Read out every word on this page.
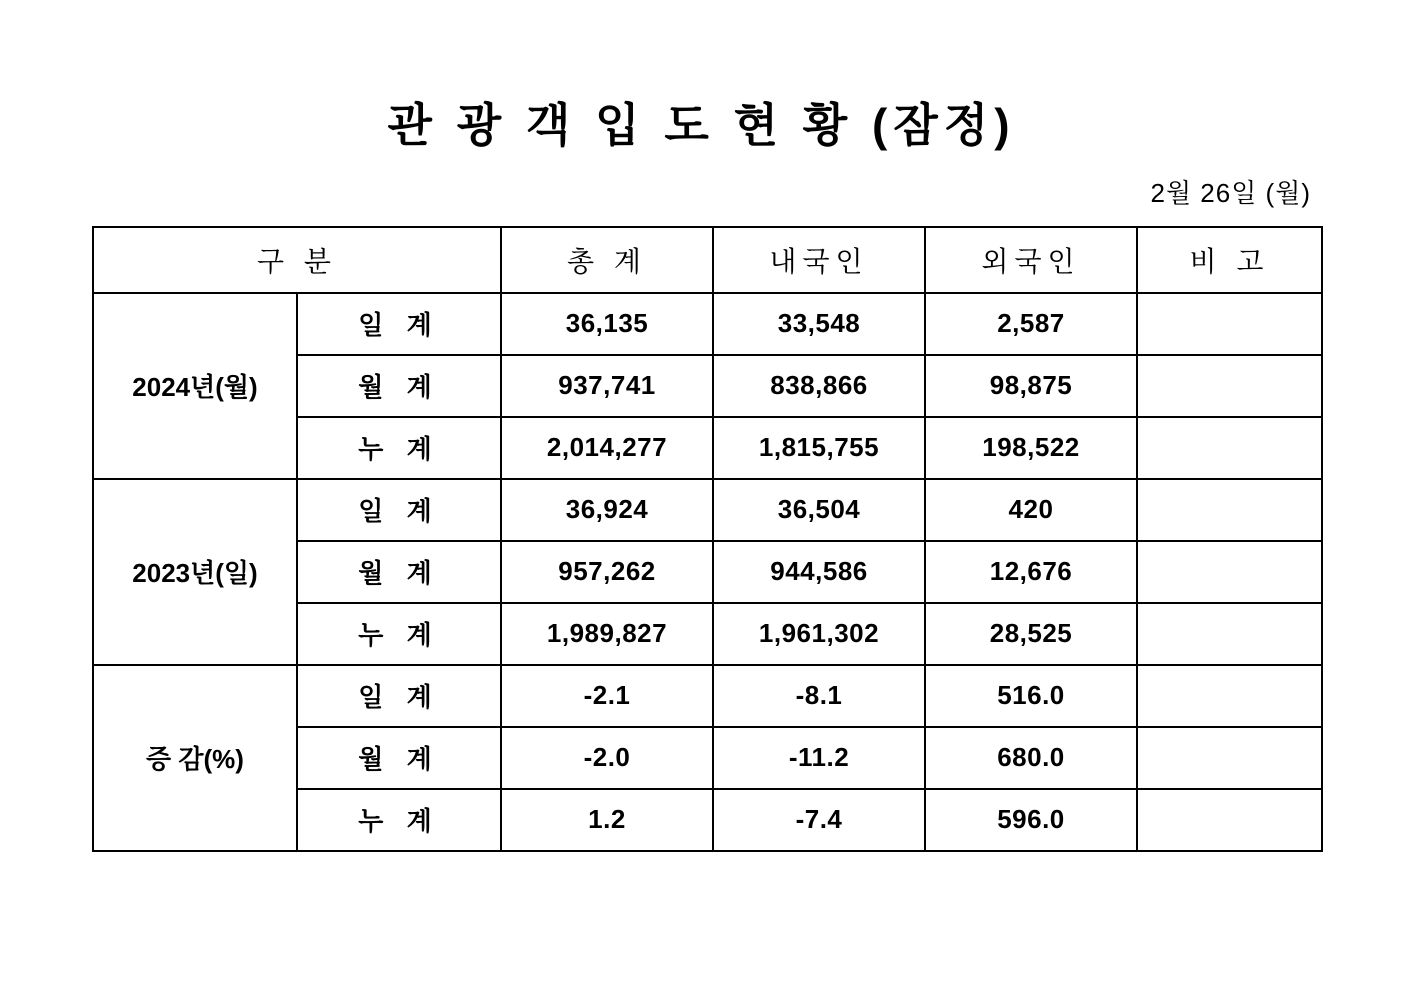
관 광 객 입 도 현 황 (잠정)
2월 26일 (월)
구 분		총 계	내국인	외국인	비 고
2024년(월)	일 계	36,135	33,548	2,587	
	월 계	937,741	838,866	98,875	
	누 계	2,014,277	1,815,755	198,522	
2023년(일)	일 계	36,924	36,504	420	
	월 계	957,262	944,586	12,676	
	누 계	1,989,827	1,961,302	28,525	
증 감(%)	일 계	-2.1	-8.1	516.0	
	월 계	-2.0	-11.2	680.0	
	누 계	1.2	-7.4	596.0	
